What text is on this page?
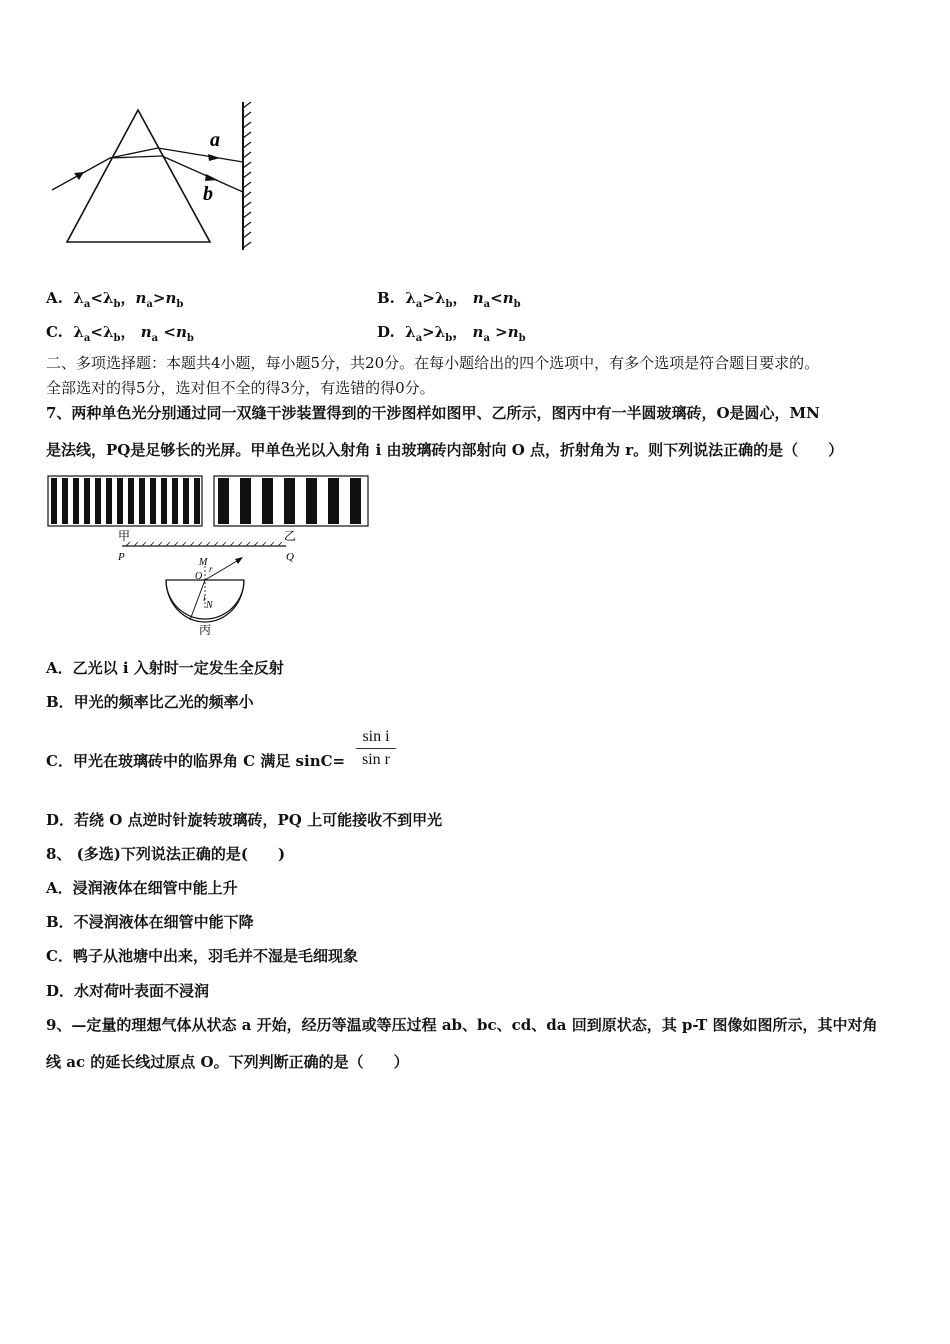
a
b
A. $\lambda_a<\lambda_b$，$n_a>n_b$	B. $\lambda_a>\lambda_b$， $n_a<n_b$
C. $\lambda_a<\lambda_b$， $n_a <n_b$	D. $\lambda_a>\lambda_b$， $n_a >n_b$
二、多项选择题：本题共4小题，每小题5分，共20分。在每小题给出的四个选项中，有多个选项是符合题目要求的。
全部选对的得5分，选对但不全的得3分，有选错的得0分。
7、两种单色光分别通过同一双缝干涉装置得到的干涉图样如图甲、乙所示，图丙中有一半圆玻璃砖，O是圆心，MN
是法线，PQ是足够长的光屏。甲单色光以入射角 i 由玻璃砖内部射向 O 点，折射角为 r。则下列说法正确的是（　　）
甲	乙
P	Q
M
O
r
i
N
丙
A．乙光以 i 入射时一定发生全反射
B．甲光的频率比乙光的频率小
C．甲光在玻璃砖中的临界角 C 满足 $\sin C= \frac{\text{sin i}}{\text{sin r}}$
D．若绕 O 点逆时针旋转玻璃砖，PQ 上可能接收不到甲光
8、 (多选)下列说法正确的是(　　)
A．浸润液体在细管中能上升
B．不浸润液体在细管中能下降
C．鸭子从池塘中出来，羽毛并不湿是毛细现象
D．水对荷叶表面不浸润
9、—定量的理想气体从状态 a 开始，经历等温或等压过程 ab、bc、cd、da 回到原状态，其 p-T 图像如图所示，其中对角
线 ac 的延长线过原点 O。下列判断正确的是（　　）
